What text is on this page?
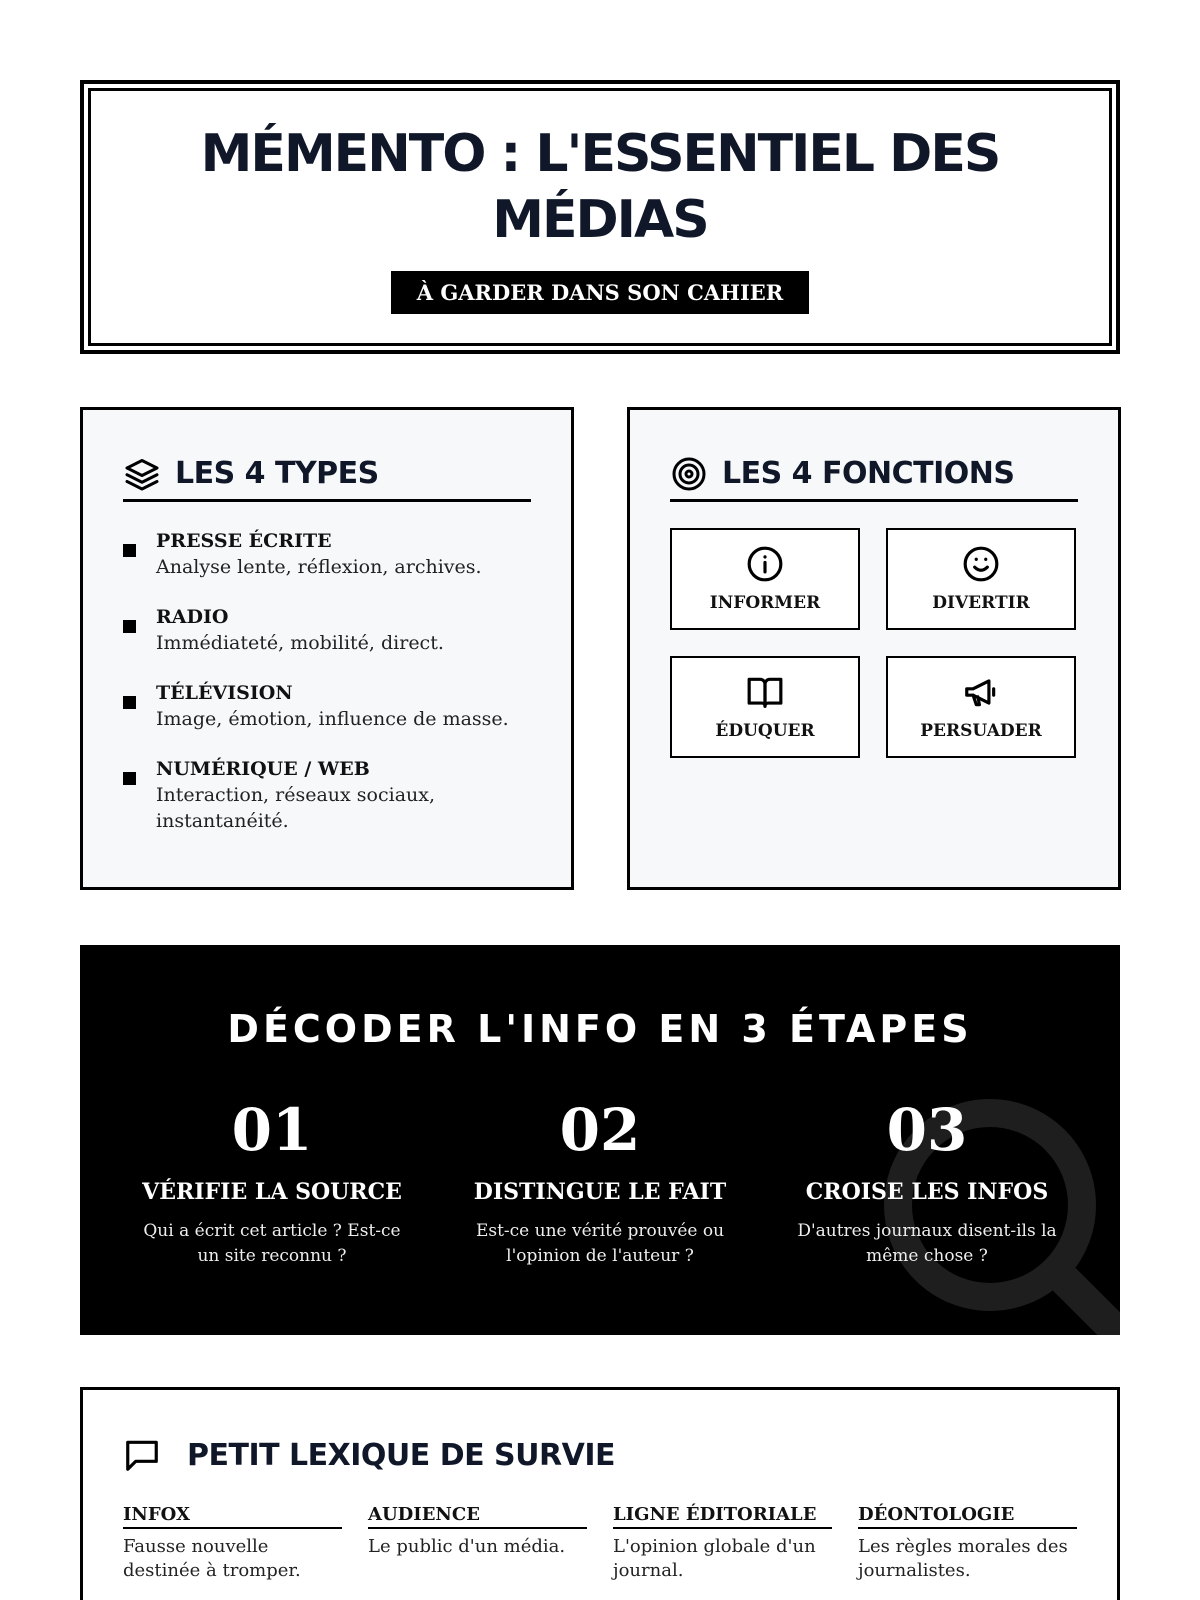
MÉMENTO : L'ESSENTIEL DES MÉDIAS
À GARDER DANS SON CAHIER
LES 4 TYPES
PRESSE ÉCRITE
Analyse lente, réflexion, archives.
RADIO
Immédiateté, mobilité, direct.
TÉLÉVISION
Image, émotion, influence de masse.
NUMÉRIQUE / WEB
Interaction, réseaux sociaux, instantanéité.
LES 4 FONCTIONS
INFORMER	DIVERTIR
ÉDUQUER	PERSUADER
DÉCODER L'INFO EN 3 ÉTAPES
01
VÉRIFIE LA SOURCE
Qui a écrit cet article ? Est-ce un site reconnu ?
02
DISTINGUE LE FAIT
Est-ce une vérité prouvée ou l'opinion de l'auteur ?
03
CROISE LES INFOS
D'autres journaux disent-ils la même chose ?
PETIT LEXIQUE DE SURVIE
INFOX
Fausse nouvelle destinée à tromper.
AUDIENCE
Le public d'un média.
LIGNE ÉDITORIALE
L'opinion globale d'un journal.
DÉONTOLOGIE
Les règles morales des journalistes.
